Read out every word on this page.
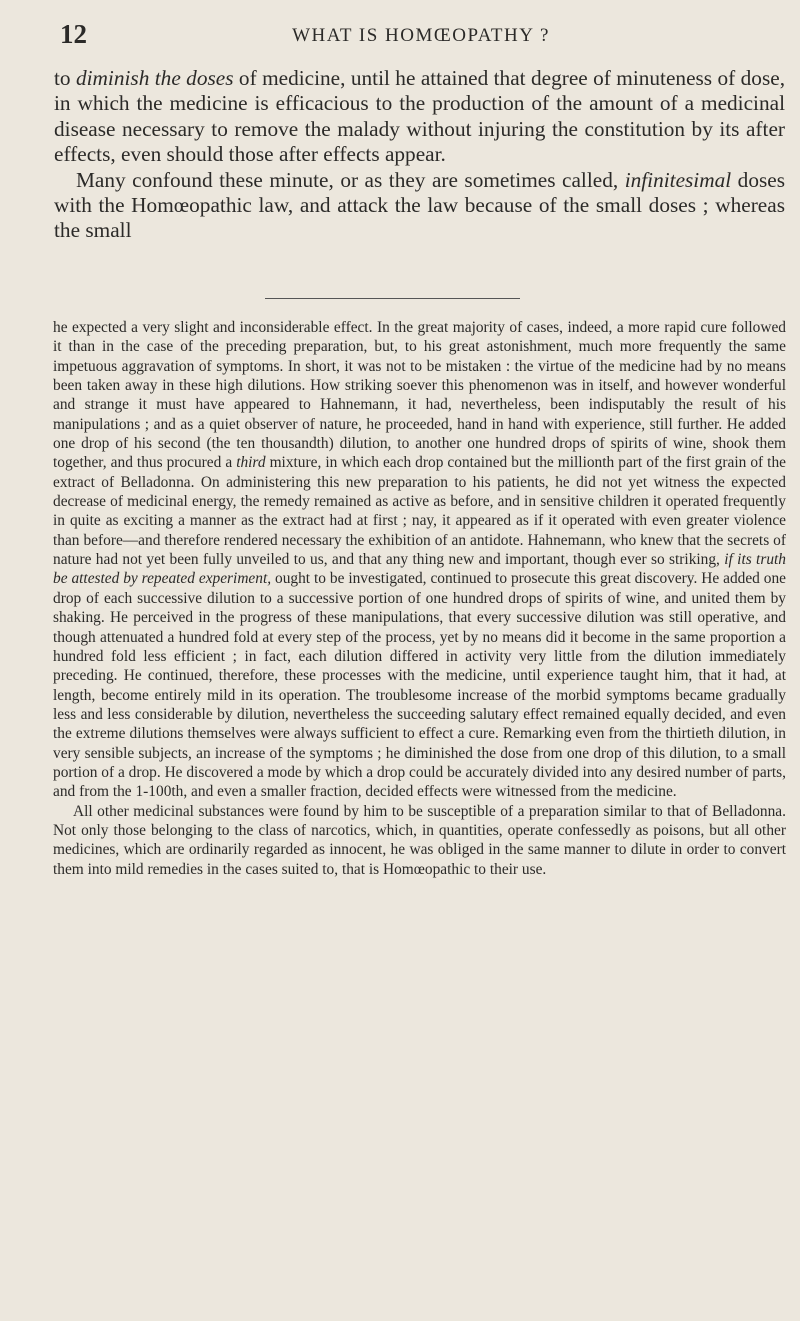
12	WHAT IS HOMŒOPATHY ?

to diminish the doses of medicine, until he attained that degree of minuteness of dose, in which the medicine is efficacious to the production of the amount of a medicinal disease necessary to remove the malady without injuring the constitution by its after effects, even should those after effects appear.

Many confound these minute, or as they are sometimes called, infinitesimal doses with the Homœopathic law, and attack the law because of the small doses ; whereas the small

he expected a very slight and inconsiderable effect. In the great majority of cases, indeed, a more rapid cure followed it than in the case of the preceding preparation, but, to his great astonishment, much more frequently the same impetuous aggravation of symptoms. In short, it was not to be mistaken : the virtue of the medicine had by no means been taken away in these high dilutions. How striking soever this phenomenon was in itself, and however wonderful and strange it must have appeared to Hahnemann, it had, nevertheless, been indisputably the result of his manipulations ; and as a quiet observer of nature, he proceeded, hand in hand with experience, still further. He added one drop of his second (the ten thousandth) dilution, to another one hundred drops of spirits of wine, shook them together, and thus procured a third mixture, in which each drop contained but the millionth part of the first grain of the extract of Belladonna. On administering this new preparation to his patients, he did not yet witness the expected decrease of medicinal energy, the remedy remained as active as before, and in sensitive children it operated frequently in quite as exciting a manner as the extract had at first ; nay, it appeared as if it operated with even greater violence than before—and therefore rendered necessary the exhibition of an antidote. Hahnemann, who knew that the secrets of nature had not yet been fully unveiled to us, and that any thing new and important, though ever so striking, if its truth be attested by repeated experiment, ought to be investigated, continued to prosecute this great discovery. He added one drop of each successive dilution to a successive portion of one hundred drops of spirits of wine, and united them by shaking. He perceived in the progress of these manipulations, that every successive dilution was still operative, and though attenuated a hundred fold at every step of the process, yet by no means did it become in the same proportion a hundred fold less efficient ; in fact, each dilution differed in activity very little from the dilution immediately preceding. He continued, therefore, these processes with the medicine, until experience taught him, that it had, at length, become entirely mild in its operation. The troublesome increase of the morbid symptoms became gradually less and less considerable by dilution, nevertheless the succeeding salutary effect remained equally decided, and even the extreme dilutions themselves were always sufficient to effect a cure. Remarking even from the thirtieth dilution, in very sensible subjects, an increase of the symptoms ; he diminished the dose from one drop of this dilution, to a small portion of a drop. He discovered a mode by which a drop could be accurately divided into any desired number of parts, and from the 1-100th, and even a smaller fraction, decided effects were witnessed from the medicine.

All other medicinal substances were found by him to be susceptible of a preparation similar to that of Belladonna. Not only those belonging to the class of narcotics, which, in quantities, operate confessedly as poisons, but all other medicines, which are ordinarily regarded as innocent, he was obliged in the same manner to dilute in order to convert them into mild remedies in the cases suited to, that is Homœopathic to their use.
